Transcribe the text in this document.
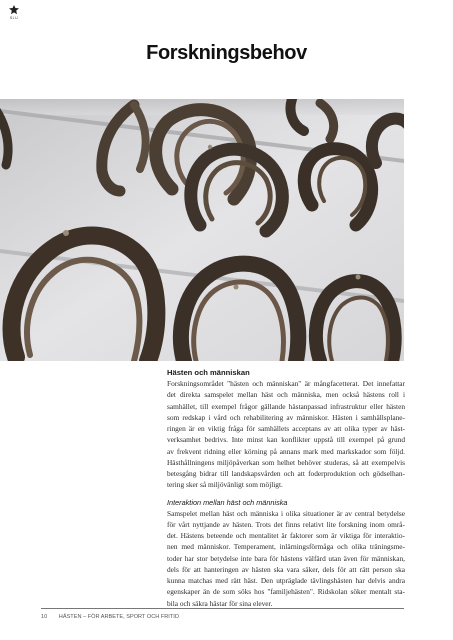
SLU
Forskningsbehov
Hästen och människan

Forskningsområdet "hästen och människan" är mångfacetterat. Det innefattar
det direkta samspelet mellan häst och människa, men också hästens roll i
samhället, till exempel frågor gällande hästanpassad infrastruktur eller hästen
som redskap i vård och rehabilitering av människor. Hästen i samhällsplane-
ringen är en viktig fråga för samhällets acceptans av att olika typer av häst-
verksamhet bedrivs. Inte minst kan konflikter uppstå till exempel på grund
av frekvent ridning eller körning på annans mark med markskador som följd.
Hästhållningens miljöpåverkan som helhet behöver studeras, så att exempelvis
betesgång bidrar till landskapsvården och att foderproduktion och gödselhan-
tering sker så miljövänligt som möjligt.

Interaktion mellan häst och människa

Samspelet mellan häst och människa i olika situationer är av central betydelse
för vårt nyttjande av hästen. Trots det finns relativt lite forskning inom områ-
det. Hästens beteende och mentalitet är faktorer som är viktiga för interaktio-
nen med människor. Temperament, inlärningsförmåga och olika träningsme-
toder har stor betydelse inte bara för hästens välfärd utan även för människan,
dels för att hanteringen av hästen ska vara säker, dels för att rätt person ska
kunna matchas med rätt häst. Den utpräglade tävlingshästen har delvis andra
egenskaper än de som söks hos "familjehästen". Ridskolan söker mentalt sta-
bila och säkra hästar för sina elever.

10 HÄSTEN – FÖR ARBETE, SPORT OCH FRITID
